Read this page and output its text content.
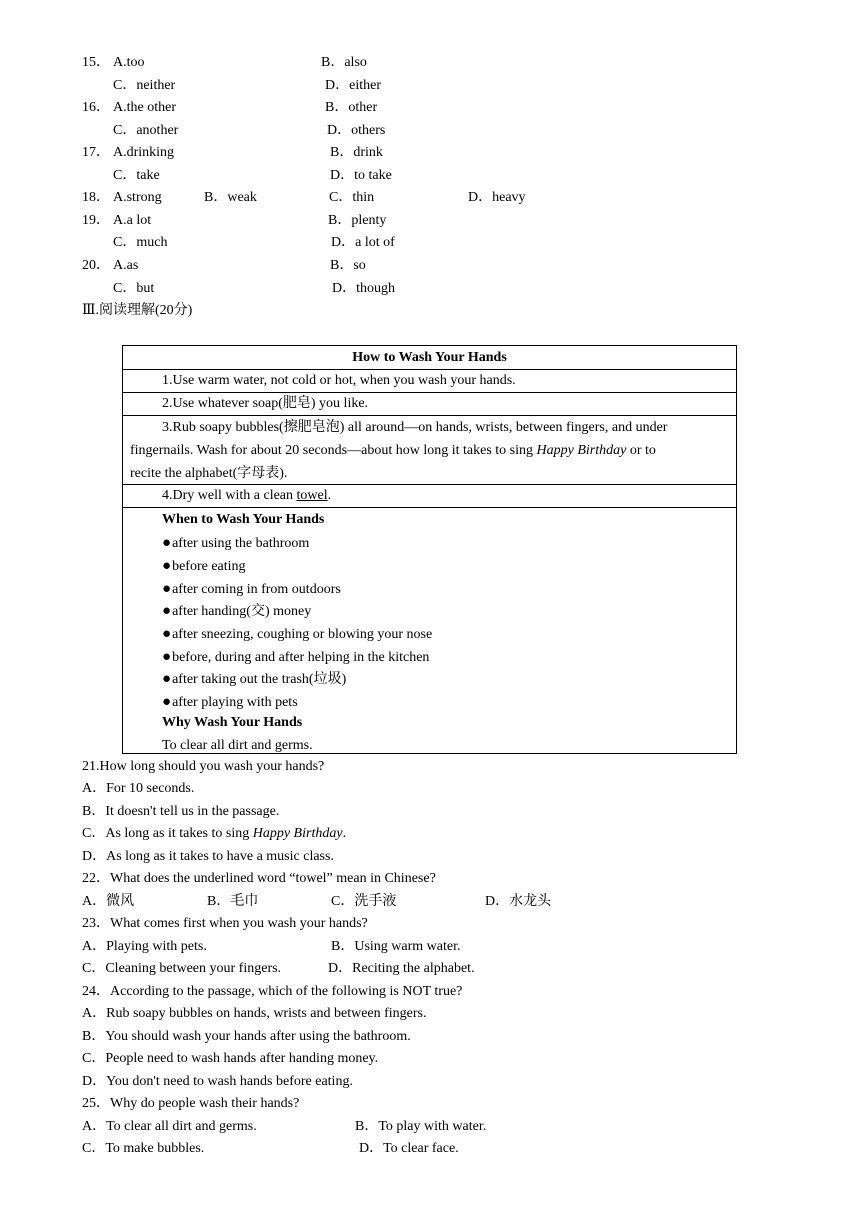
15． A.too	B．also
C．neither	D．either
16． A.the other	B．other
C．another	D．others
17． A.drinking	B．drink
C．take	D．to take
18． A.strong	B．weak	C．thin	D．heavy
19． A.a lot	B．plenty
C．much	D．a lot of
20． A.as	B．so
C．but	D．though
Ⅲ.阅读理解(20分)
How to Wash Your Hands
1.Use warm water, not cold or hot, when you wash your hands.
2.Use whatever soap(肥皂) you like.
3.Rub soapy bubbles(擦肥皂泡) all around—on hands, wrists, between fingers, and under
fingernails. Wash for about 20 seconds—about how long it takes to sing Happy Birthday or to
recite the alphabet(字母表).
4.Dry well with a clean towel.
When to Wash Your Hands
● after using the bathroom
● before eating
● after coming in from outdoors
● after handing(交) money
● after sneezing, coughing or blowing your nose
● before, during and after helping in the kitchen
● after taking out the trash(垃圾)
● after playing with pets
Why Wash Your Hands
To clear all dirt and germs.
21.How long should you wash your hands?
A．For 10 seconds.
B．It doesn't tell us in the passage.
C．As long as it takes to sing Happy Birthday.
D．As long as it takes to have a music class.
22．What does the underlined word “towel” mean in Chinese?
A．微风	B．毛巾	C．洗手液	D．水龙头
23．What comes first when you wash your hands?
A．Playing with pets.	B．Using warm water.
C．Cleaning between your fingers.	D．Reciting the alphabet.
24．According to the passage, which of the following is NOT true?
A．Rub soapy bubbles on hands, wrists and between fingers.
B．You should wash your hands after using the bathroom.
C．People need to wash hands after handing money.
D．You don't need to wash hands before eating.
25．Why do people wash their hands?
A．To clear all dirt and germs.	B．To play with water.
C．To make bubbles.	D．To clear face.
